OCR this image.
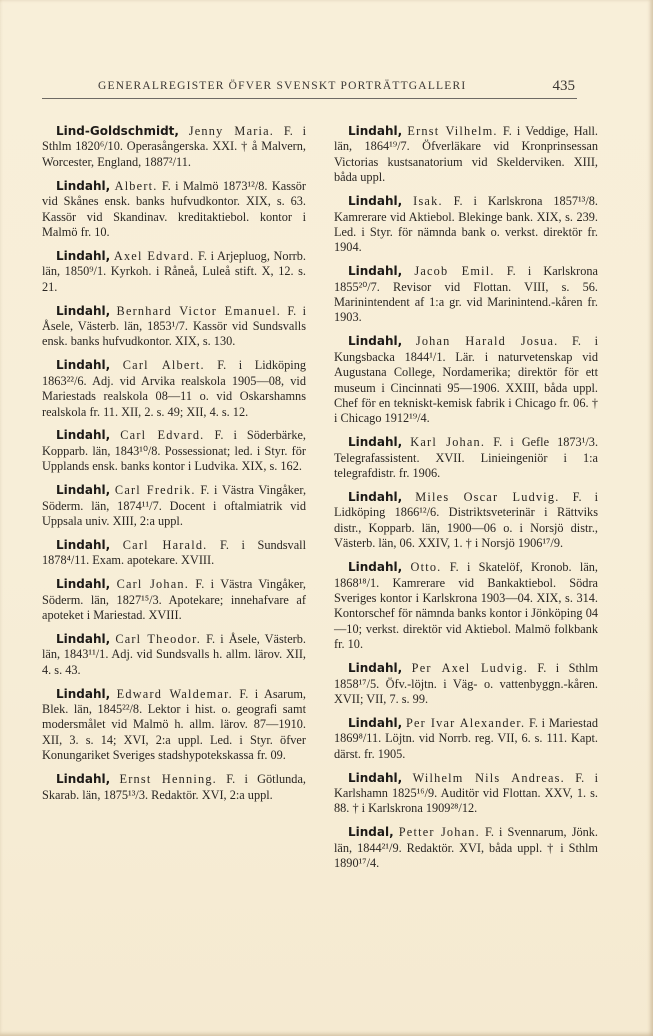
GENERALREGISTER ÖFVER SVENSKT PORTRÄTTGALLERI	435

Lind-Goldschmidt, Jenny Maria. F. i Sthlm 1820⁶/10. Operasångerska. XXI. † å Malvern, Worcester, England, 1887²/11.

Lindahl, Albert. F. i Malmö 1873¹²/8. Kassör vid Skånes ensk. banks hufvudkontor. XIX, s. 63. Kassör vid Skandinav. kreditaktiebol. kontor i Malmö fr. 10.

Lindahl, Axel Edvard. F. i Arjepluog, Norrb. län, 1850⁹/1. Kyrkoh. i Råneå, Luleå stift. X, 12. s. 21.

Lindahl, Bernhard Victor Emanuel. F. i Åsele, Västerb. län, 1853¹/7. Kassör vid Sundsvalls ensk. banks hufvudkontor. XIX, s. 130.

Lindahl, Carl Albert. F. i Lidköping 1863²²/6. Adj. vid Arvika realskola 1905—08, vid Mariestads realskola 08—11 o. vid Oskarshamns realskola fr. 11. XII, 2. s. 49; XII, 4. s. 12.

Lindahl, Carl Edvard. F. i Söderbärke, Kopparb. län, 1843¹⁰/8. Possessionat; led. i Styr. för Upplands ensk. banks kontor i Ludvika. XIX, s. 162.

Lindahl, Carl Fredrik. F. i Västra Vingåker, Söderm. län, 1874¹¹/7. Docent i oftalmiatrik vid Uppsala univ. XIII, 2:a uppl.

Lindahl, Carl Harald. F. i Sundsvall 1878⁴/11. Exam. apotekare. XVIII.

Lindahl, Carl Johan. F. i Västra Vingåker, Söderm. län, 1827¹⁵/3. Apotekare; innehafvare af apoteket i Mariestad. XVIII.

Lindahl, Carl Theodor. F. i Åsele, Västerb. län, 1843¹¹/1. Adj. vid Sundsvalls h. allm. lärov. XII, 4. s. 43.

Lindahl, Edward Waldemar. F. i Asarum, Blek. län, 1845²²/8. Lektor i hist. o. geografi samt modersmålet vid Malmö h. allm. lärov. 87—1910. XII, 3. s. 14; XVI, 2:a uppl. Led. i Styr. öfver Konungariket Sveriges stadshypotekskassa fr. 09.

Lindahl, Ernst Henning. F. i Götlunda, Skarab. län, 1875¹³/3. Redaktör. XVI, 2:a uppl.

Lindahl, Ernst Vilhelm. F. i Veddige, Hall. län, 1864¹⁹/7. Öfverläkare vid Kronprinsessan Victorias kustsanatorium vid Skelderviken. XIII, båda uppl.

Lindahl, Isak. F. i Karlskrona 1857¹³/8. Kamrerare vid Aktiebol. Blekinge bank. XIX, s. 239. Led. i Styr. för nämnda bank o. verkst. direktör fr. 1904.

Lindahl, Jacob Emil. F. i Karlskrona 1855²⁰/7. Revisor vid Flottan. VIII, s. 56. Marinintendent af 1:a gr. vid Marinintend.-kåren fr. 1903.

Lindahl, Johan Harald Josua. F. i Kungsbacka 1844¹/1. Lär. i naturvetenskap vid Augustana College, Nordamerika; direktör för ett museum i Cincinnati 95—1906. XXIII, båda uppl. Chef för en tekniskt-kemisk fabrik i Chicago fr. 06. † i Chicago 1912¹⁹/4.

Lindahl, Karl Johan. F. i Gefle 1873¹/3. Telegrafassistent. XVII. Linieingeniör i 1:a telegrafdistr. fr. 1906.

Lindahl, Miles Oscar Ludvig. F. i Lidköping 1866¹²/6. Distriktsveterinär i Rättviks distr., Kopparb. län, 1900—06 o. i Norsjö distr., Västerb. län, 06. XXIV, 1. † i Norsjö 1906¹⁷/9.

Lindahl, Otto. F. i Skatelöf, Kronob. län, 1868¹⁸/1. Kamrerare vid Bankaktiebol. Södra Sveriges kontor i Karlskrona 1903—04. XIX, s. 314. Kontorschef för nämnda banks kontor i Jönköping 04—10; verkst. direktör vid Aktiebol. Malmö folkbank fr. 10.

Lindahl, Per Axel Ludvig. F. i Sthlm 1858¹⁷/5. Öfv.-löjtn. i Väg- o. vattenbyggn.-kåren. XVII; VII, 7. s. 99.

Lindahl, Per Ivar Alexander. F. i Mariestad 1869⁸/11. Löjtn. vid Norrb. reg. VII, 6. s. 111. Kapt. därst. fr. 1905.

Lindahl, Wilhelm Nils Andreas. F. i Karlshamn 1825¹⁶/9. Auditör vid Flottan. XXV, 1. s. 88. † i Karlskrona 1909²⁸/12.

Lindal, Petter Johan. F. i Svennarum, Jönk. län, 1844²¹/9. Redaktör. XVI, båda uppl. † i Sthlm 1890¹⁷/4.
